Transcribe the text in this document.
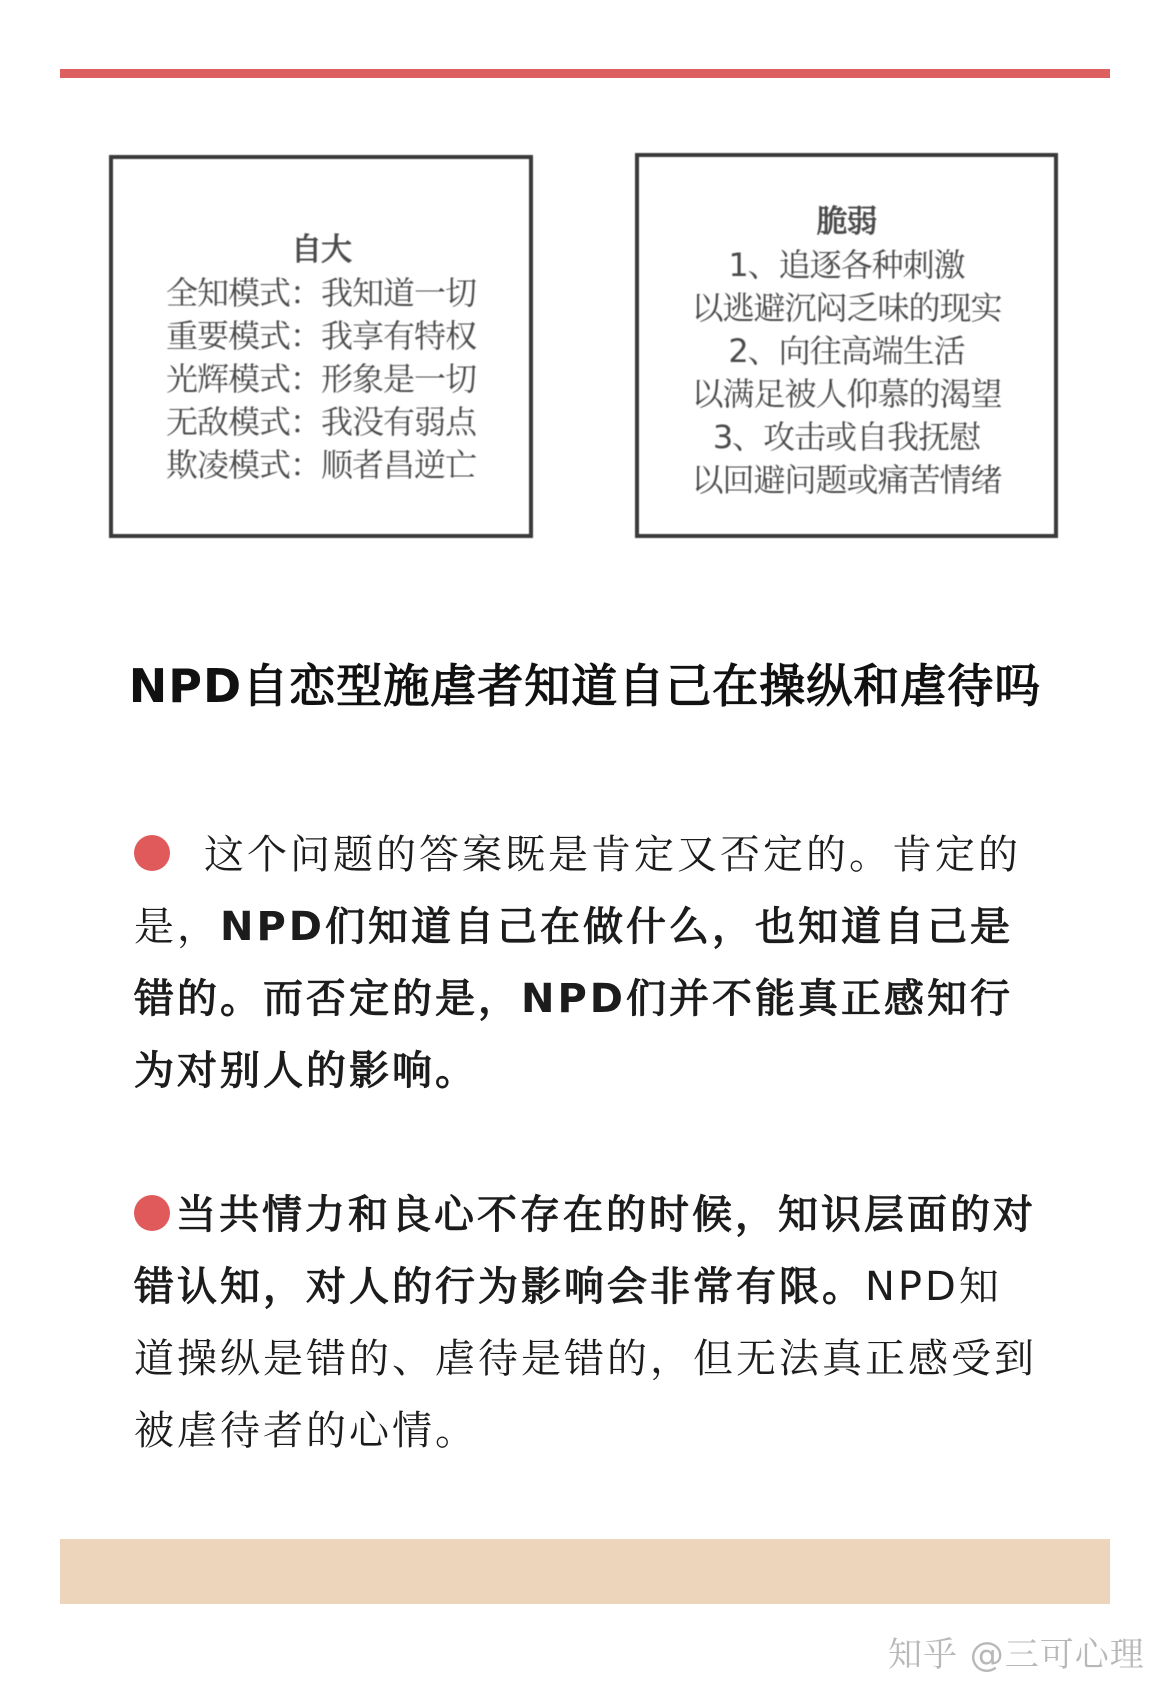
自大
全知模式：我知道一切
重要模式：我享有特权
光辉模式：形象是一切
无敌模式：我没有弱点
欺凌模式：顺者昌逆亡
脆弱
1、追逐各种刺激
以逃避沉闷乏味的现实
2、向往高端生活
以满足被人仰慕的渴望
3、攻击或自我抚慰
以回避问题或痛苦情绪
NPD自恋型施虐者知道自己在操纵和虐待吗
这个问题的答案既是肯定又否定的。肯定的是，NPD们知道自己在做什么，也知道自己是错的。而否定的是，NPD们并不能真正感知行为对别人的影响。
当共情力和良心不存在的时候，知识层面的对错认知，对人的行为影响会非常有限。NPD知道操纵是错的、虐待是错的，但无法真正感受到被虐待者的心情。
知乎 @三可心理
